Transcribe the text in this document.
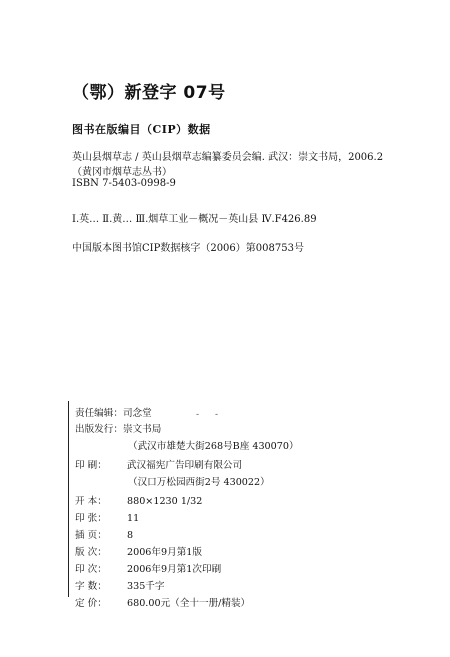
（鄂）新登字 07号
图书在版编目（CIP）数据
英山县烟草志 / 英山县烟草志编纂委员会编. 武汉：崇文书局，2006.2
（黄冈市烟草志丛书）
ISBN 7-5403-0998-9
Ⅰ.英… Ⅱ.黄… Ⅲ.烟草工业－概况－英山县 Ⅳ.F426.89
中国版本图书馆CIP数据核字（2006）第008753号
- -
责任编辑：司念堂
出版发行：崇文书局
（武汉市雄楚大街268号B座 430070）
印 刷： 武汉福宪广告印刷有限公司
（汉口万松园西街2号 430022）
开 本： 880×1230 1/32
印 张： 11
插 页： 8
版 次： 2006年9月第1版
印 次： 2006年9月第1次印刷
字 数： 335千字
定 价： 680.00元（全十一册/精装）
